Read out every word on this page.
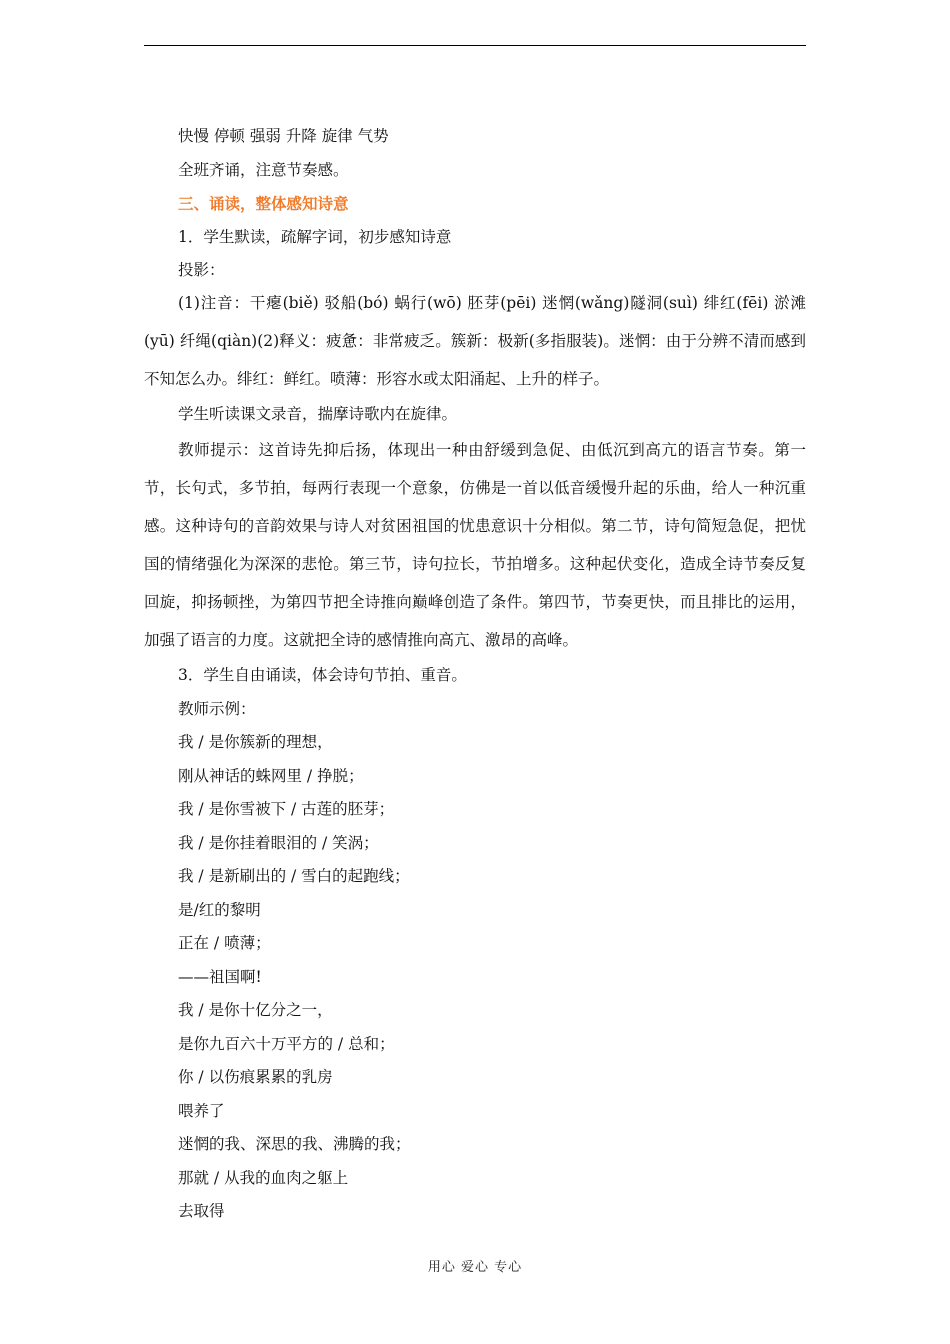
快慢 停顿 强弱 升降 旋律 气势
全班齐诵，注意节奏感。
三、诵读，整体感知诗意
1．学生默读，疏解字词，初步感知诗意
投影：

(1)注音：干瘪(biě) 驳船(bó) 蜗行(wō) 胚芽(pēi) 迷惘(wǎng)隧洞(suì) 绯红(fēi) 淤滩(yū) 纤绳(qiàn)(2)释义：疲惫：非常疲乏。簇新：极新(多指服装)。迷惘：由于分辨不清而感到不知怎么办。绯红：鲜红。喷薄：形容水或太阳涌起、上升的样子。

学生听读课文录音，揣摩诗歌内在旋律。

教师提示：这首诗先抑后扬，体现出一种由舒缓到急促、由低沉到高亢的语言节奏。第一节，长句式，多节拍，每两行表现一个意象，仿佛是一首以低音缓慢升起的乐曲，给人一种沉重感。这种诗句的音韵效果与诗人对贫困祖国的忧患意识十分相似。第二节，诗句简短急促，把忧国的情绪强化为深深的悲怆。第三节，诗句拉长，节拍增多。这种起伏变化，造成全诗节奏反复回旋，抑扬顿挫，为第四节把全诗推向巅峰创造了条件。第四节，节奏更快，而且排比的运用，加强了语言的力度。这就把全诗的感情推向高亢、激昂的高峰。

3．学生自由诵读，体会诗句节拍、重音。
教师示例：
我 / 是你簇新的理想，
刚从神话的蛛网里 / 挣脱；
我 / 是你雪被下 / 古莲的胚芽；
我 / 是你挂着眼泪的 / 笑涡；
我 / 是新刷出的 / 雪白的起跑线；
是/红的黎明
正在 / 喷薄；
——祖国啊!
我 / 是你十亿分之一，
是你九百六十万平方的 / 总和；
你 / 以伤痕累累的乳房
喂养了
迷惘的我、深思的我、沸腾的我；
那就 / 从我的血肉之躯上
去取得
用心 爱心 专心
